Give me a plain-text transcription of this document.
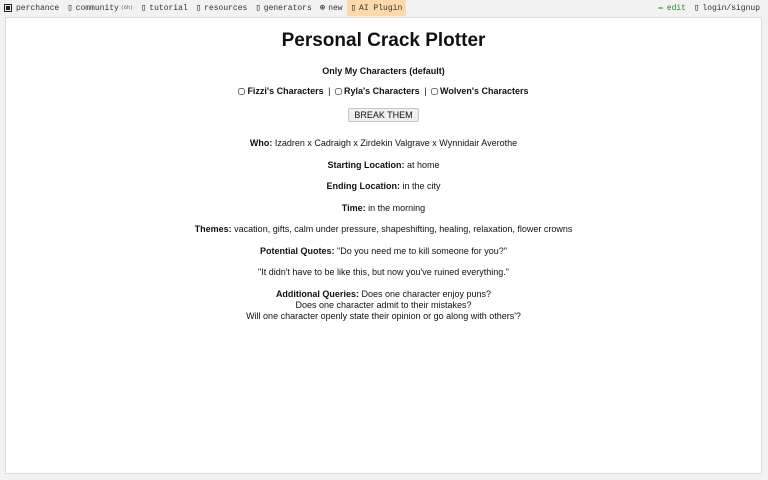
perchance ▯ community (6h) ▯ tutorial ▯ resources ▯ generators ⊕ new ▯ AI Plugin	✏ edit ▯ login/signup
Personal Crack Plotter
Only My Characters (default)
Fizzi's Characters | Ryla's Characters | Wolven's Characters
BREAK THEM

Who: Izadren x Cadraigh x Zirdekin Valgrave x Wynnidair Averothe

Starting Location: at home

Ending Location: in the city

Time: in the morning

Themes: vacation, gifts, calm under pressure, shapeshifting, healing, relaxation, flower crowns

Potential Quotes: "Do you need me to kill someone for you?"

"It didn't have to be like this, but now you've ruined everything."

Additional Queries: Does one character enjoy puns?

Does one character admit to their mistakes?

Will one character openly state their opinion or go along with others'?
